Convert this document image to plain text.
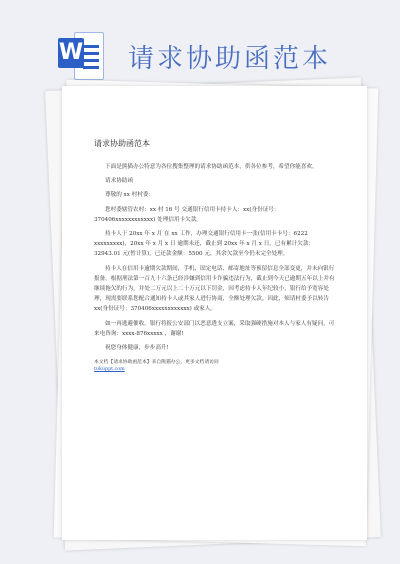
W 请求协助函范本
请求协助函范本

下面是熊猫办公特意为各位搜集整理的请求协助函范本，供各位参考，希望你能喜欢。

请求协助函

尊敬的 xx 村村委：

您村委辖管农村：xx 村 16 号 交通银行信用卡持卡人：xx(身份证号：370406xxxxxxxxxxxx) 处理信用卡欠款。

持卡人于 20xx 年 x 月 在 xx 工作，办理交通银行信用卡一张(信用卡卡号：6222 xxxxxxxxx)，20xx 年 x 月 x 日 逾期未还，截止到 20xx 年 x 月 x 日，已有累计欠款：32943.01 元(暂计算)，已还款金额：5500 元，其余欠款至今仍未完全处理。

持卡人在信用卡逾期欠款期间，手机、固定电话、邮寄地址等预留信息全部变更，并未向银行报备。根据刑法第一百九十六条已经涉嫌到信用卡诈骗违法行为，截止到今天已逾期五年以上并有继续拖欠的行为，并处二万元以上二十万元以下罚金，因考虑持卡人年纪较小，银行给予宽容处理，现需要联系您配合通知持卡人或其家人进行协商，全额处理欠款。因此，烦请村委予以转告 xx(身份证号：370406xxxxxxxxxxxx) 或家人。

如一再逃避催收，银行将报公安部门以恶意透支立案，采取强硬措施对本人与家人有疑问，可来电咨询：xxxx-876xxxxx ，谢谢!

祝您身体健康，步步高升!

本文档【请求协助函范本】来自熊猫办公，更多文档请访问
tukuppt.com
